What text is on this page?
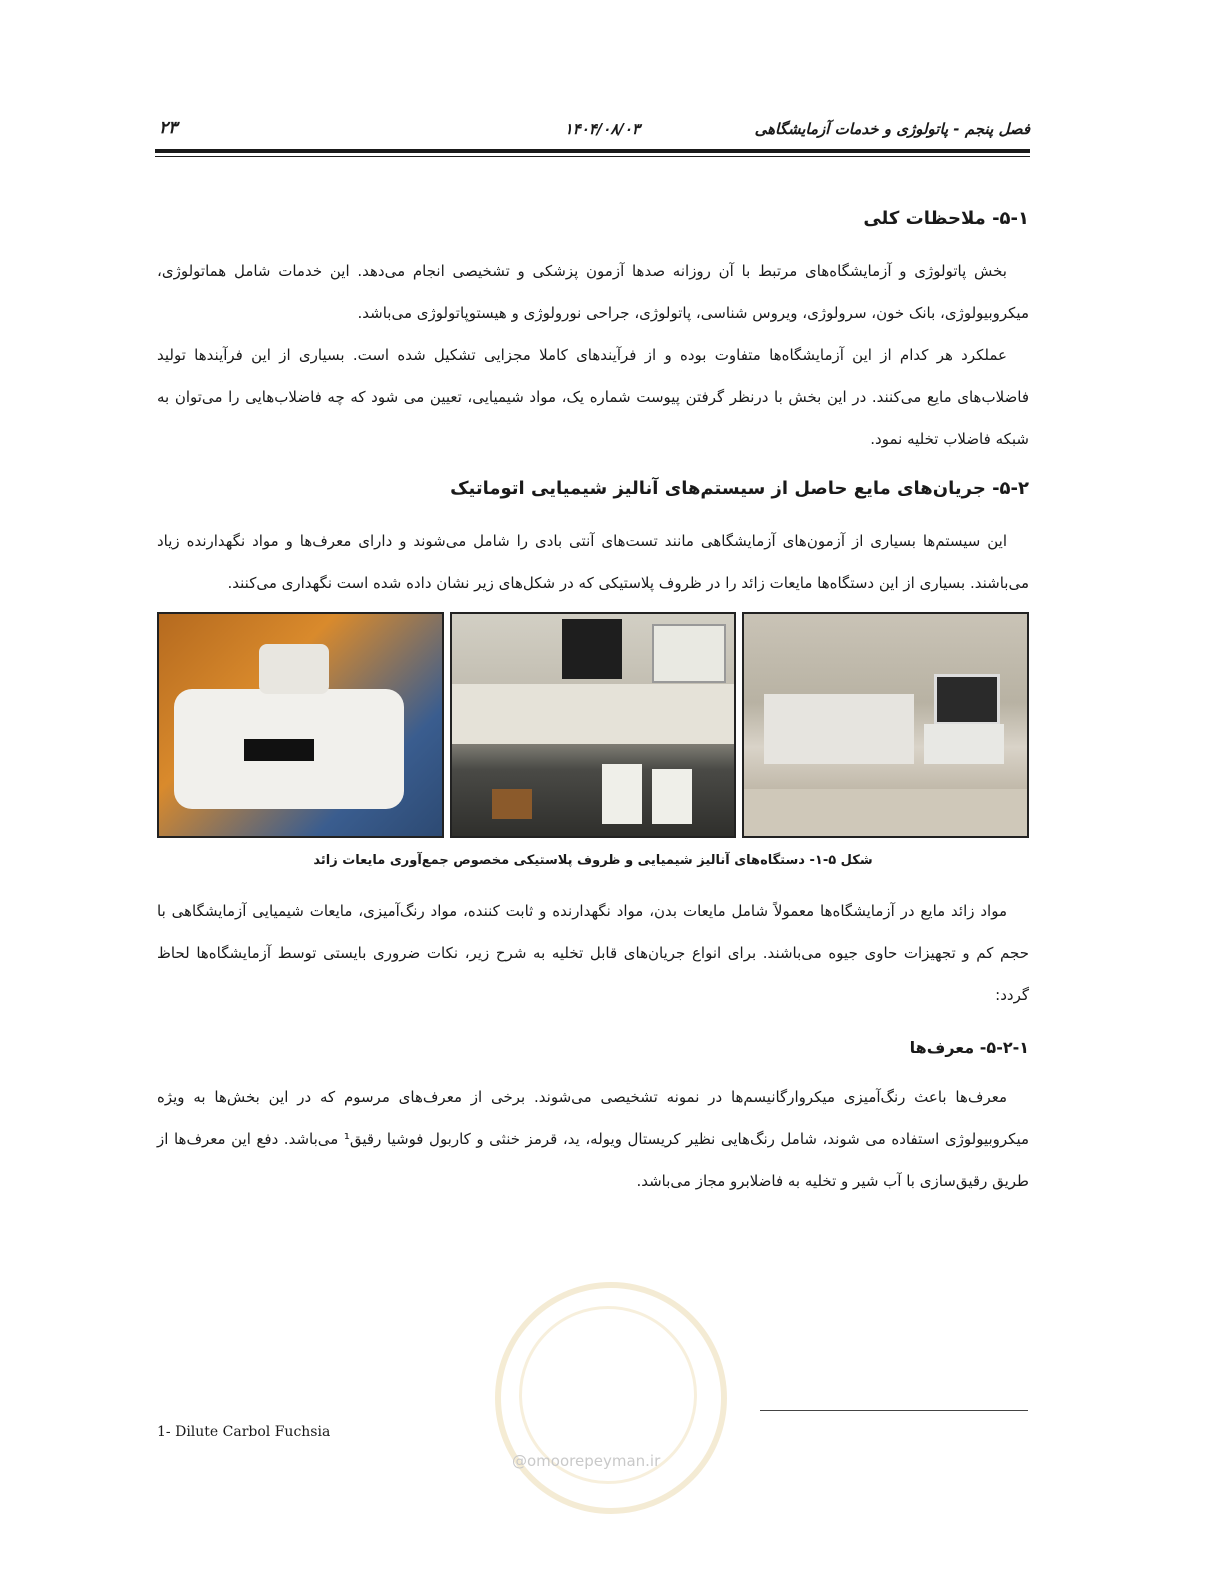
فصل پنجم - پاتولوژی و خدمات آزمایشگاهی
۱۴۰۴/۰۸/۰۳
۲۳
۵-۱- ملاحظات کلی

بخش پاتولوژی و آزمایشگاه‌های مرتبط با آن روزانه صدها آزمون پزشکی و تشخیصی انجام می‌دهد. این خدمات شامل هماتولوژی، میکروبیولوژی، بانک خون، سرولوژی، ویروس شناسی، پاتولوژی، جراحی نورولوژی و هیستوپاتولوژی می‌باشد.

عملکرد هر کدام از این آزمایشگاه‌ها متفاوت بوده و از فرآیندهای کاملا مجزایی تشکیل شده است. بسیاری از این فرآیندها تولید فاضلاب‌های مایع می‌کنند. در این بخش با درنظر گرفتن پیوست شماره یک، مواد شیمیایی، تعیین می شود که چه فاضلاب‌هایی را می‌توان به شبکه فاضلاب تخلیه نمود.

۵-۲- جریان‌های مایع حاصل از سیستم‌های آنالیز شیمیایی اتوماتیک

این سیستم‌ها بسیاری از آزمون‌های آزمایشگاهی مانند تست‌های آنتی بادی را شامل می‌شوند و دارای معرف‌ها و مواد نگهدارنده زیاد می‌باشند. بسیاری از این دستگاه‌ها مایعات زائد را در ظروف پلاستیکی که در شکل‌های زیر نشان داده شده است نگهداری می‌کنند.

شکل ۵-۱- دستگاه‌های آنالیز شیمیایی و ظروف پلاستیکی مخصوص جمع‌آوری مایعات زائد

مواد زائد مایع در آزمایشگاه‌ها معمولاً شامل مایعات بدن، مواد نگهدارنده و ثابت کننده، مواد رنگ‌آمیزی، مایعات شیمیایی آزمایشگاهی با حجم کم و تجهیزات حاوی جیوه می‌باشند. برای انواع جریان‌های قابل تخلیه به شرح زیر، نکات ضروری بایستی توسط آزمایشگاه‌ها لحاظ گردد:

۵-۲-۱- معرف‌ها

معرف‌ها باعث رنگ‌آمیزی میکروارگانیسم‌ها در نمونه تشخیصی می‌شوند. برخی از معرف‌های مرسوم که در این بخش‌ها به ویژه میکروبیولوژی استفاده می شوند، شامل رنگ‌هایی نظیر کریستال ویوله، ید، قرمز خنثی و کاربول فوشیا رقیق¹ می‌باشد. دفع این معرف‌ها از طریق رقیق‌سازی با آب شیر و تخلیه به فاضلابرو مجاز می‌باشد.

@omoorepeyman.ir
1- Dilute Carbol Fuchsia
